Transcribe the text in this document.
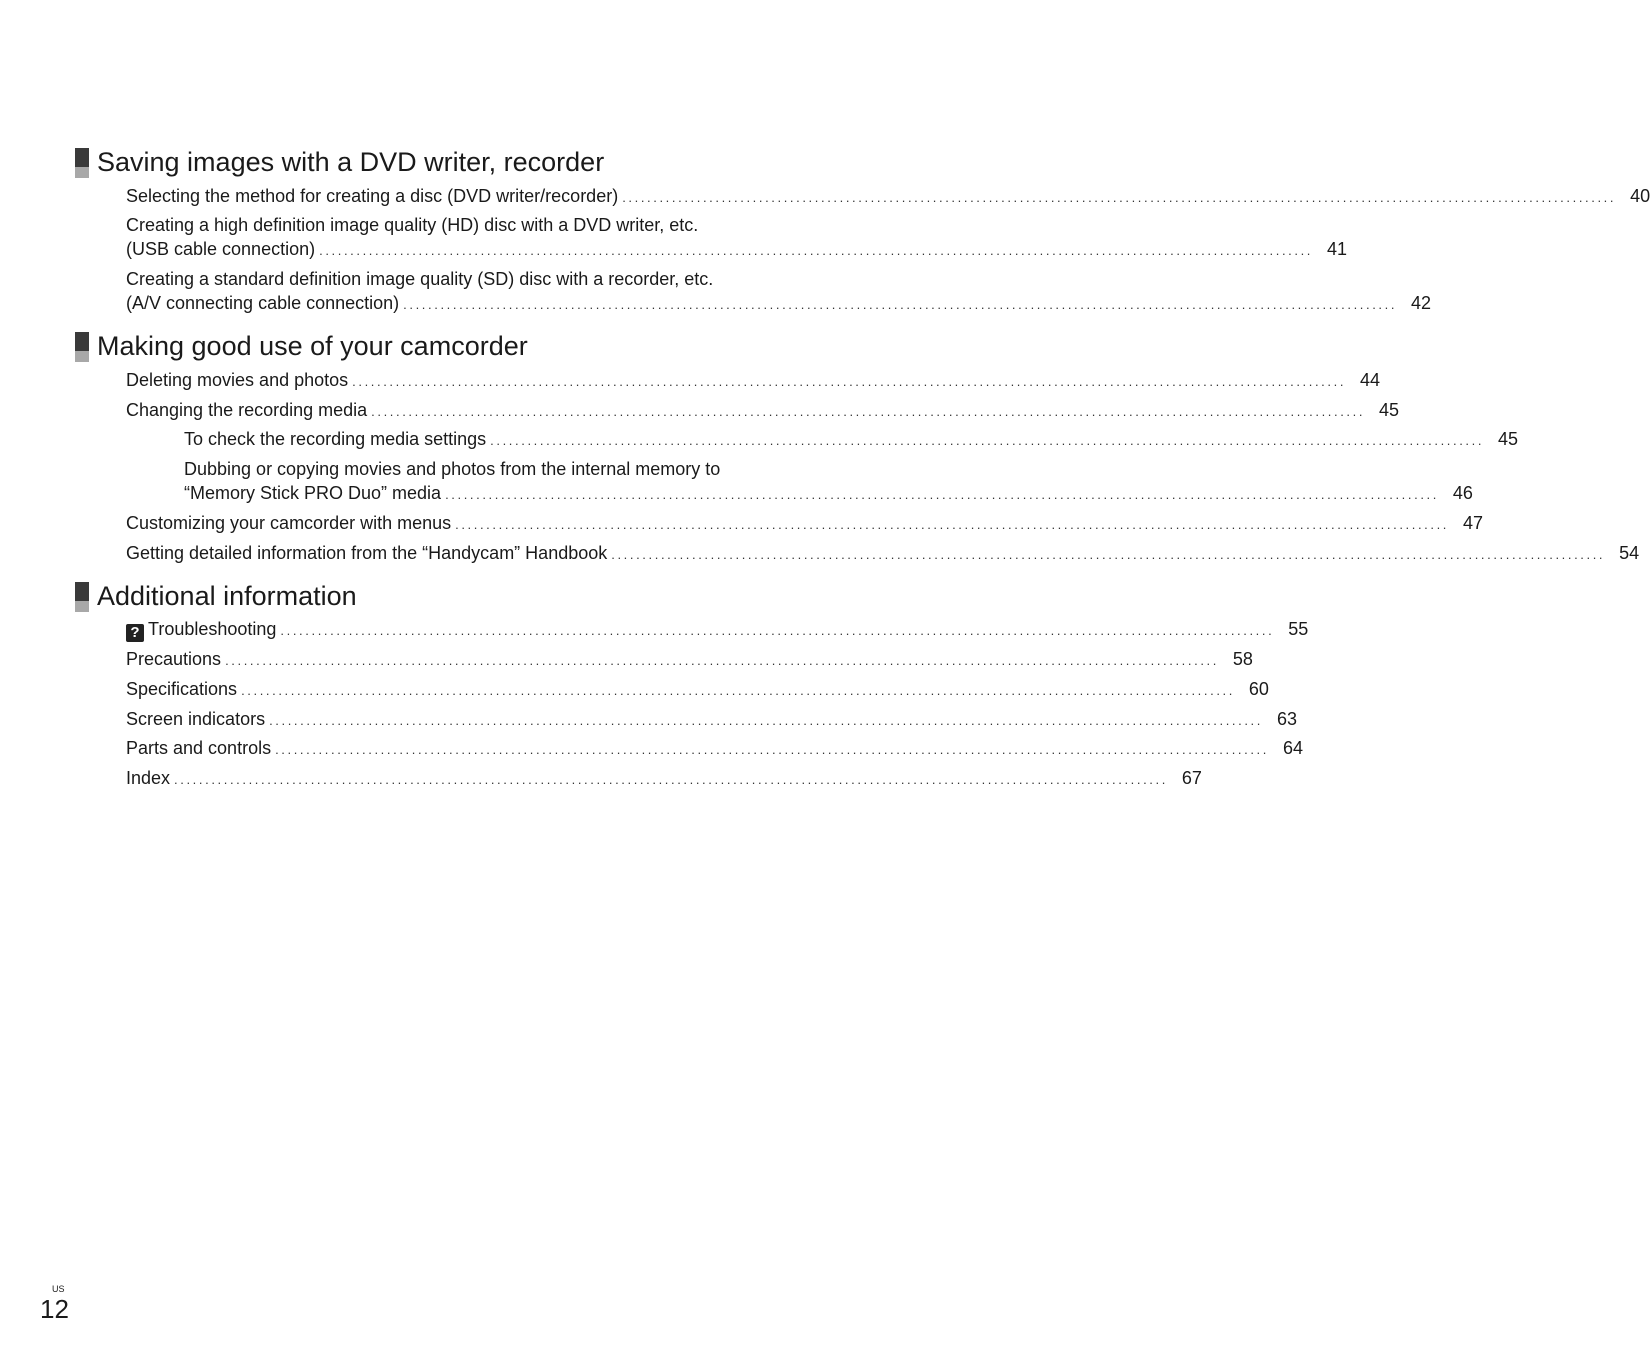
Saving images with a DVD writer, recorder
Selecting the method for creating a disc (DVD writer/recorder) ................................................................................................................................................................ 40
Creating a high definition image quality (HD) disc with a DVD writer, etc.
(USB cable connection) ................................................................................................................................................................ 41
Creating a standard definition image quality (SD) disc with a recorder, etc.
(A/V connecting cable connection) ................................................................................................................................................................ 42
Making good use of your camcorder
Deleting movies and photos ................................................................................................................................................................ 44
Changing the recording media ................................................................................................................................................................ 45
To check the recording media settings ................................................................................................................................................................ 45
Dubbing or copying movies and photos from the internal memory to
“Memory Stick PRO Duo” media ................................................................................................................................................................ 46
Customizing your camcorder with menus ................................................................................................................................................................ 47
Getting detailed information from the “Handycam” Handbook ................................................................................................................................................................ 54
Additional information
? Troubleshooting ................................................................................................................................................................ 55
Precautions ................................................................................................................................................................ 58
Specifications ................................................................................................................................................................ 60
Screen indicators ................................................................................................................................................................ 63
Parts and controls ................................................................................................................................................................ 64
Index ................................................................................................................................................................ 67
US
12
